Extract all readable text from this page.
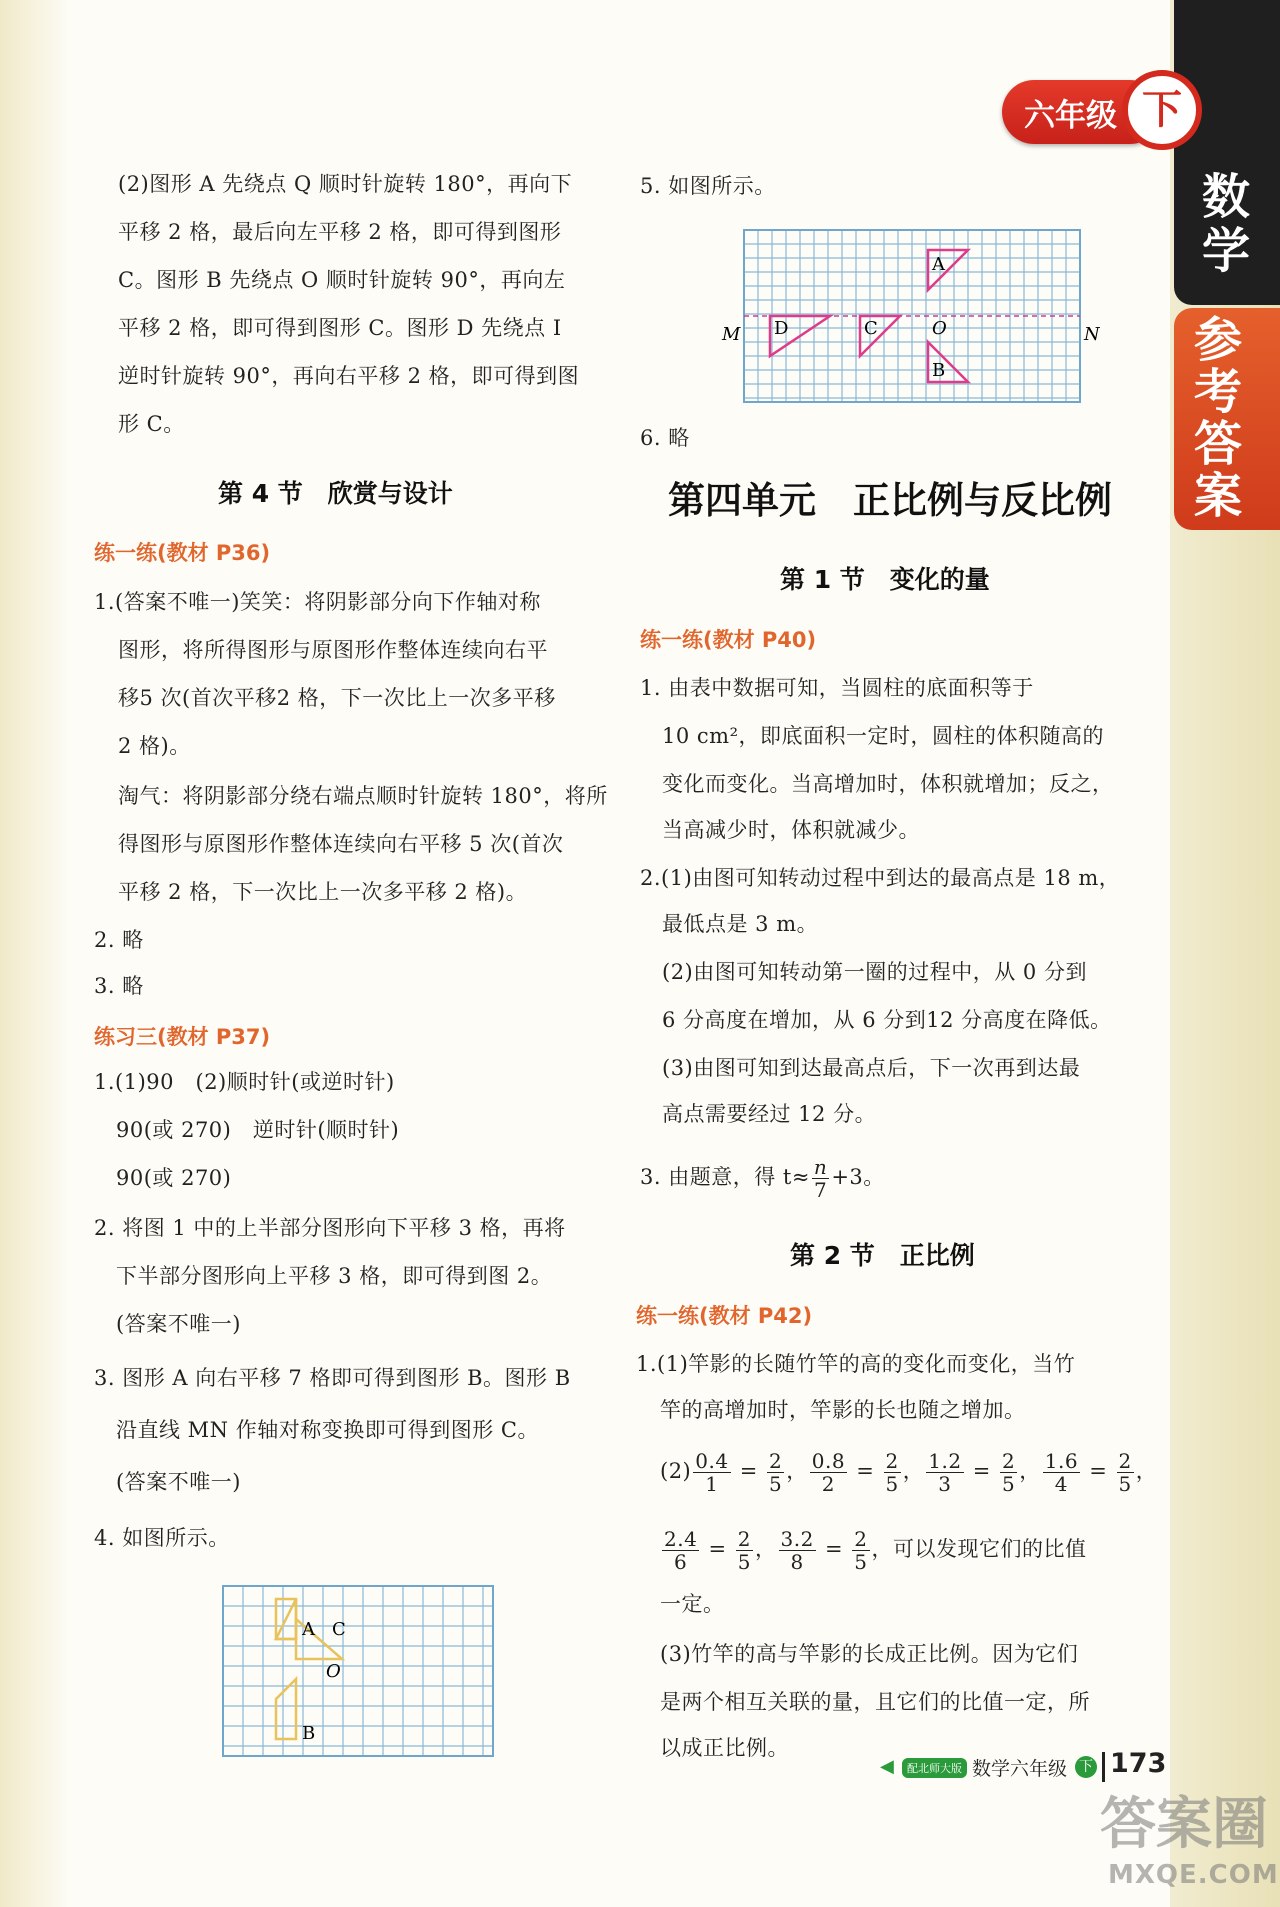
数学
参考答案
六年级 下
(2)图形 A 先绕点 Q 顺时针旋转 180°，再向下
平移 2 格，最后向左平移 2 格，即可得到图形
C。图形 B 先绕点 O 顺时针旋转 90°，再向左
平移 2 格，即可得到图形 C。图形 D 先绕点 I
逆时针旋转 90°，再向右平移 2 格，即可得到图
形 C。
第 4 节　欣赏与设计
练一练(教材 P36)
1.(答案不唯一)笑笑：将阴影部分向下作轴对称
图形，将所得图形与原图形作整体连续向右平
移5 次(首次平移2 格，下一次比上一次多平移
2 格)。
淘气：将阴影部分绕右端点顺时针旋转 180°，将所
得图形与原图形作整体连续向右平移 5 次(首次
平移 2 格，下一次比上一次多平移 2 格)。
2. 略
3. 略
练习三(教材 P37)
1.(1)90　(2)顺时针(或逆时针)
90(或 270)　逆时针(顺时针)
90(或 270)
2. 将图 1 中的上半部分图形向下平移 3 格，再将
下半部分图形向上平移 3 格，即可得到图 2。
(答案不唯一)
3. 图形 A 向右平移 7 格即可得到图形 B。图形 B
沿直线 MN 作轴对称变换即可得到图形 C。
(答案不唯一)
4. 如图所示。
A C
O
B
5. 如图所示。
A
D	C	O
B
M	N
6. 略
第四单元　正比例与反比例
第 1 节　变化的量
练一练(教材 P40)
1. 由表中数据可知，当圆柱的底面积等于
10 cm²，即底面积一定时，圆柱的体积随高的
变化而变化。当高增加时，体积就增加；反之，
当高减少时，体积就减少。
2.(1)由图可知转动过程中到达的最高点是 18 m，
最低点是 3 m。
(2)由图可知转动第一圈的过程中，从 0 分到
6 分高度在增加，从 6 分到12 分高度在降低。
(3)由图可知到达最高点后，下一次再到达最
高点需要经过 12 分。
3. 由题意，得 $t\approx \frac{n}{7} +3$。
第 2 节　正比例
练一练(教材 P42)
1.(1)竿影的长随竹竿的高的变化而变化，当竹
竿的高增加时，竿影的长也随之增加。
$(2) \frac{0.4}{1} = \frac{2}{5}$ ， $\frac{0.8}{2} = \frac{2}{5}$ ， $\frac{1.2}{3} = \frac{2}{5}$ ， $\frac{1.6}{4} = \frac{2}{5}$ ，
$\frac{2.4}{6} = \frac{2}{5}$ ， $\frac{3.2}{8} = \frac{2}{5}$ ，可以发现它们的比值
一定。
(3)竹竿的高与竿影的长成正比例。因为它们
是两个相互关联的量，且它们的比值一定，所
以成正比例。
◀	配北师大版 数学六年级 下 173
答案圈
MXQE.COM
